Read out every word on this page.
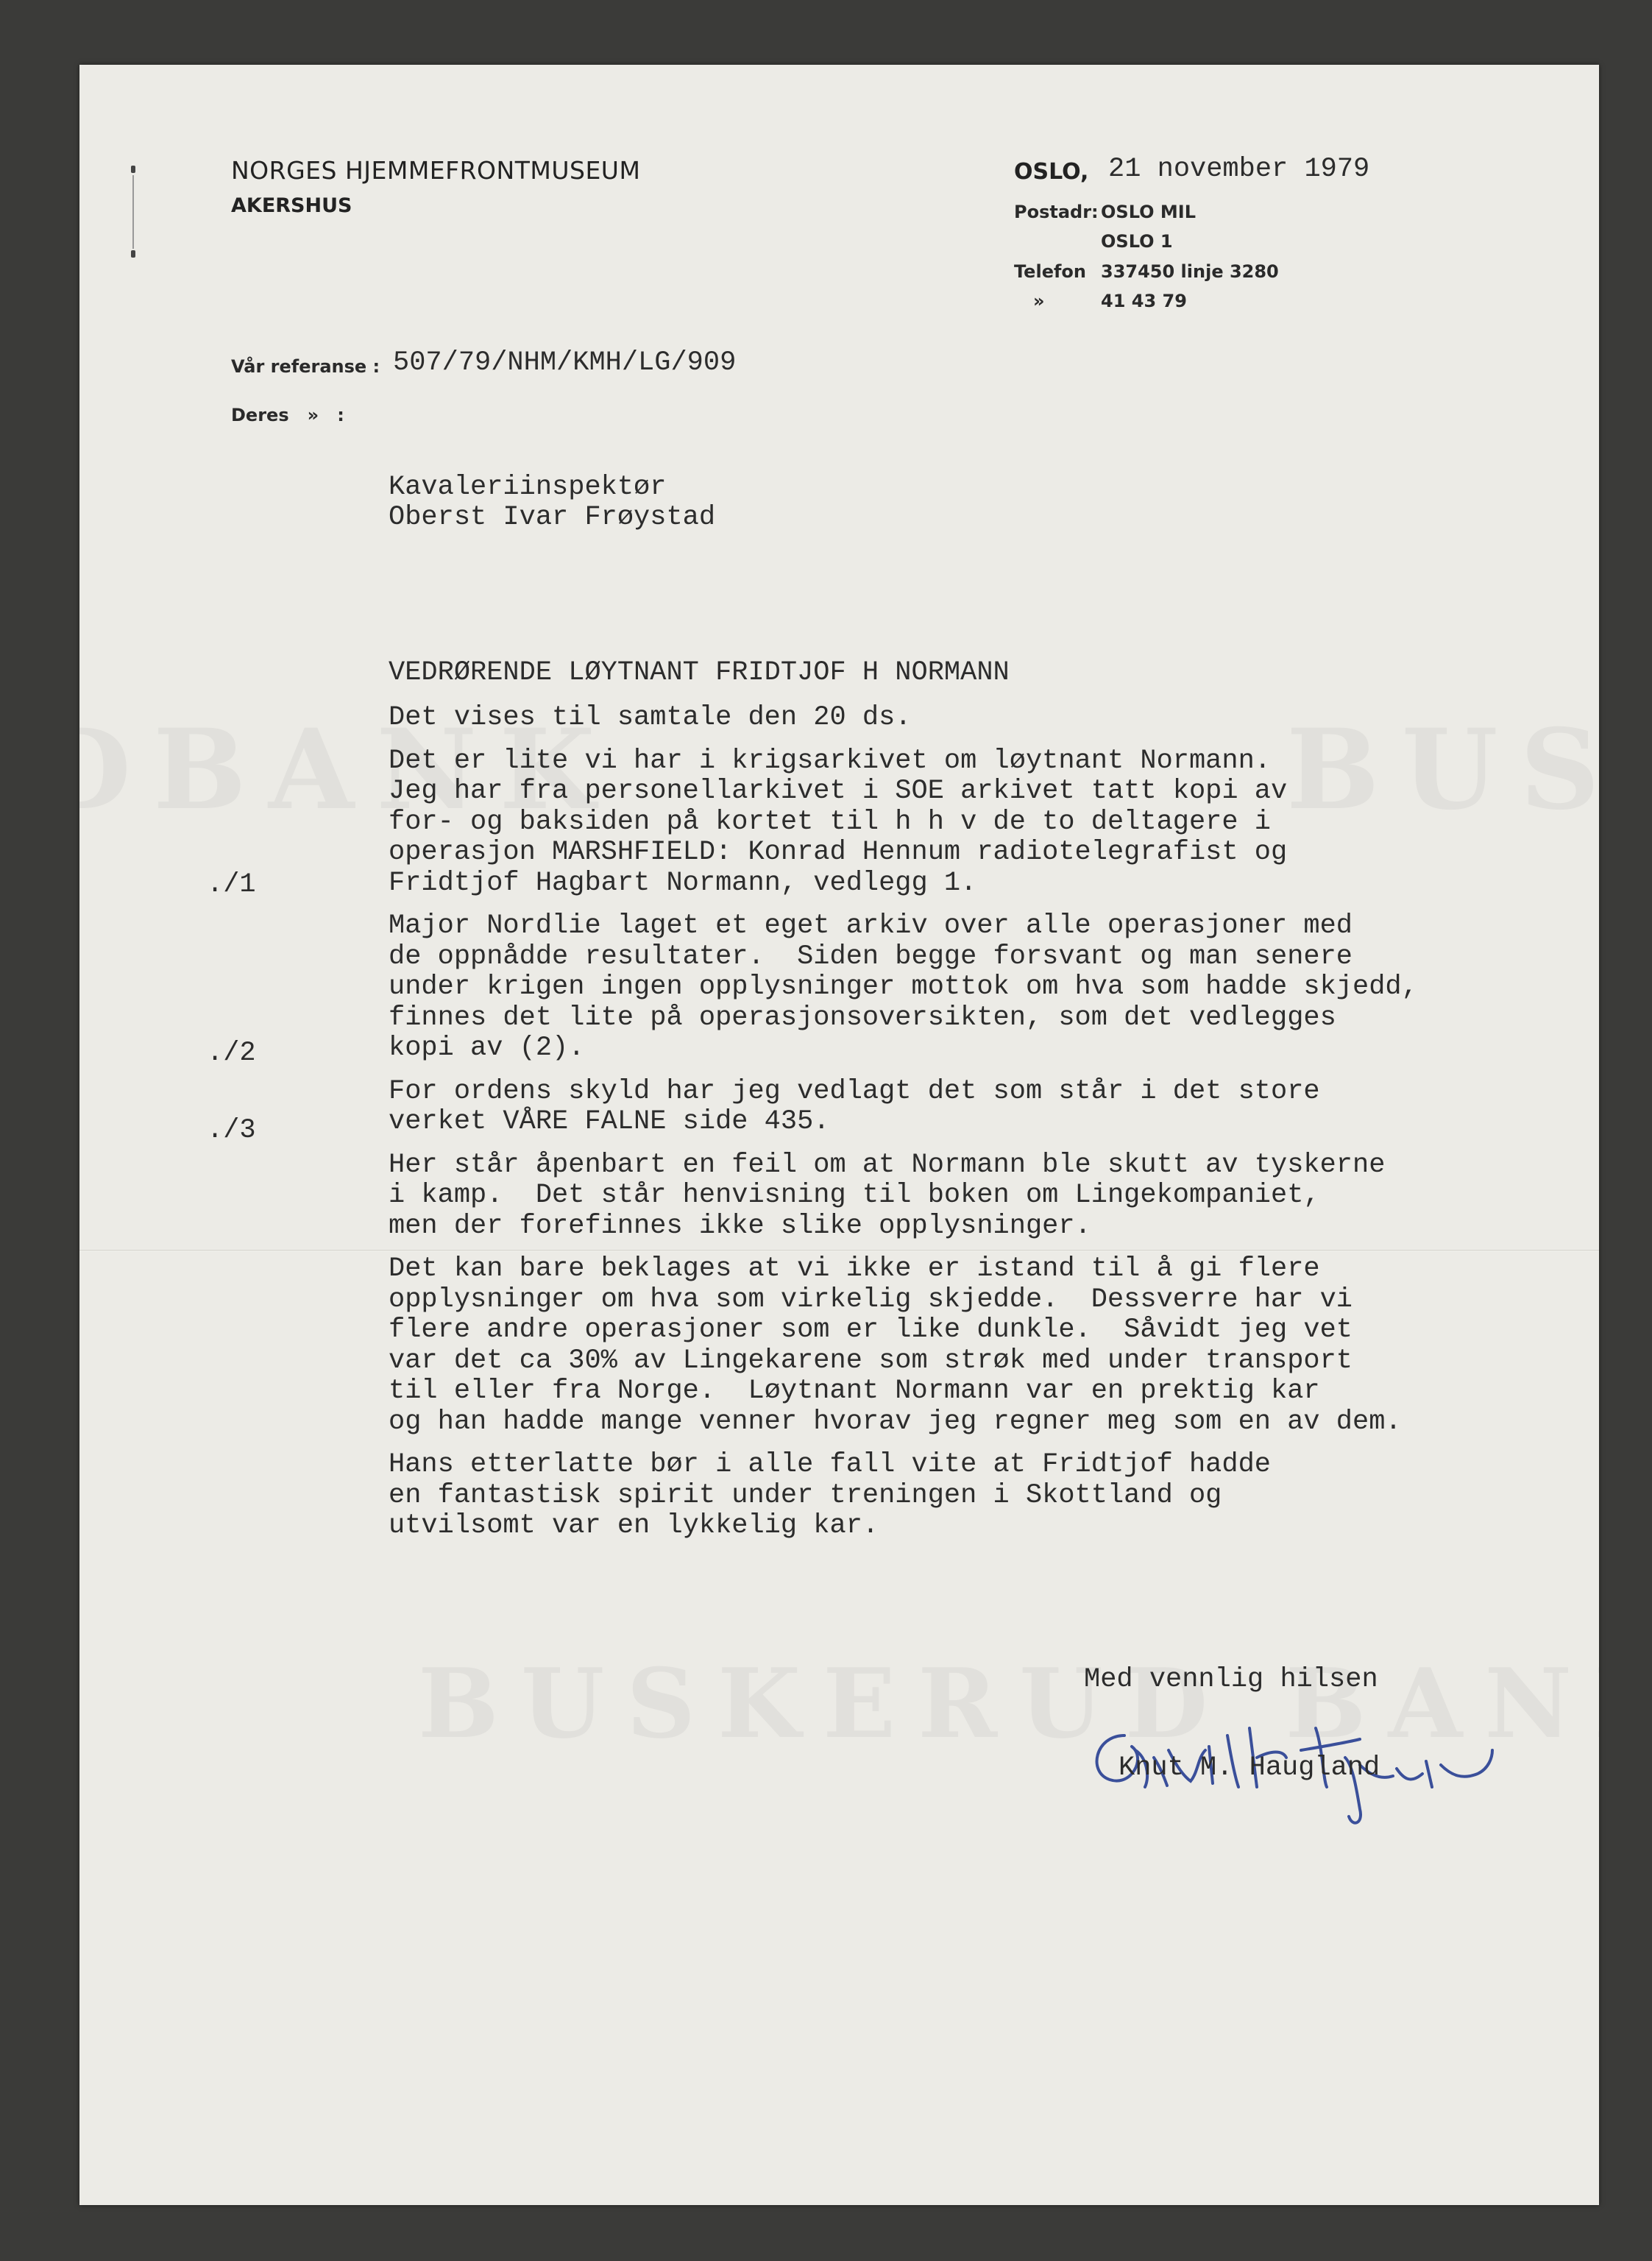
NORGES HJEMMEFRONTMUSEUM
AKERSHUS
OSLO, 21 november 1979
Postadr: OSLO MIL
OSLO 1
Telefon 337450 linje 3280
»	41 43 79
Vår referanse : 507/79/NHM/KMH/LG/909
Deres   »   :
Kavaleriinspektør
Oberst Ivar Frøystad
VEDRØRENDE LØYTNANT FRIDTJOF H NORMANN
Det vises til samtale den 20 ds.
Det er lite vi har i krigsarkivet om løytnant Normann.
Jeg har fra personellarkivet i SOE arkivet tatt kopi av
for- og baksiden på kortet til h h v de to deltagere i
operasjon MARSHFIELD: Konrad Hennum radiotelegrafist og
Fridtjof Hagbart Normann, vedlegg 1.
Major Nordlie laget et eget arkiv over alle operasjoner med
de oppnådde resultater.  Siden begge forsvant og man senere
under krigen ingen opplysninger mottok om hva som hadde skjedd,
finnes det lite på operasjonsoversikten, som det vedlegges
kopi av (2).
For ordens skyld har jeg vedlagt det som står i det store
verket VÅRE FALNE side 435.
Her står åpenbart en feil om at Normann ble skutt av tyskerne
i kamp.  Det står henvisning til boken om Lingekompaniet,
men der forefinnes ikke slike opplysninger.
Det kan bare beklages at vi ikke er istand til å gi flere
opplysninger om hva som virkelig skjedde.  Dessverre har vi
flere andre operasjoner som er like dunkle.  Såvidt jeg vet
var det ca 30% av Lingekarene som strøk med under transport
til eller fra Norge.  Løytnant Normann var en prektig kar
og han hadde mange venner hvorav jeg regner meg som en av dem.
Hans etterlatte bør i alle fall vite at Fridtjof hadde
en fantastisk spirit under treningen i Skottland og
utvilsomt var en lykkelig kar.
./1
./2
./3
Med vennlig hilsen
Knut M. Haugland
